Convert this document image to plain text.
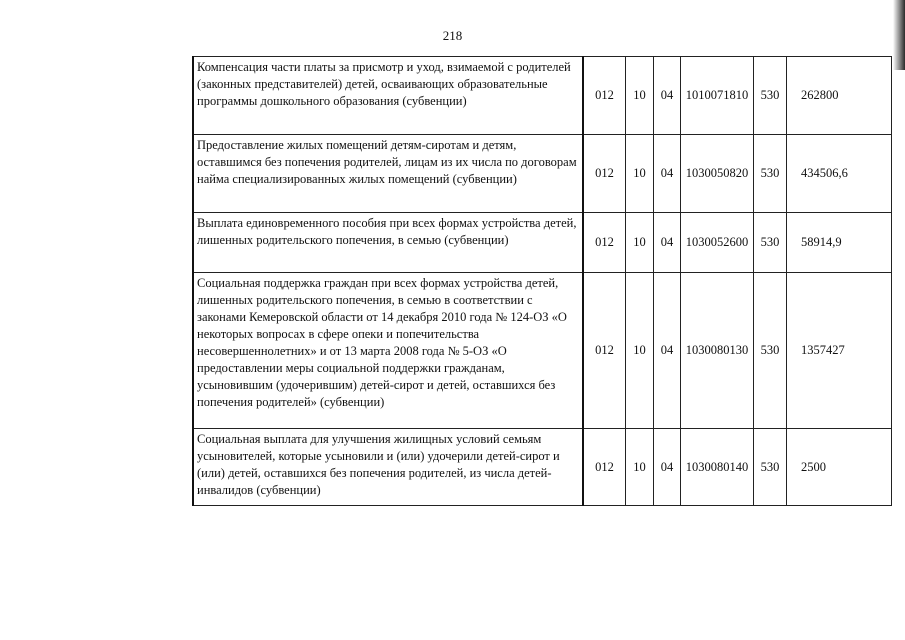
218
Компенсация части платы за присмотр и уход, взимаемой с родителей (законных представителей) детей, осваивающих образовательные программы дошкольного образования (субвенции)	012	10	04	1010071810	530	262800
Предоставление жилых помещений детям-сиротам и детям, оставшимся без попечения родителей, лицам из их числа по договорам найма специализированных жилых помещений (субвенции)	012	10	04	1030050820	530	434506,6
Выплата единовременного пособия при всех формах устройства детей, лишенных родительского попечения, в семью (субвенции)	012	10	04	1030052600	530	58914,9
Социальная поддержка граждан при всех формах устройства детей, лишенных родительского попечения, в семью в соответствии с законами Кемеровской области от 14 декабря 2010 года № 124-ОЗ «О некоторых вопросах в сфере опеки и попечительства несовершеннолетних» и от 13 марта 2008 года № 5-ОЗ «О предоставлении меры социальной поддержки гражданам, усыновившим (удочерившим) детей-сирот и детей, оставшихся без попечения родителей» (субвенции)	012	10	04	1030080130	530	1357427
Социальная выплата для улучшения жилищных условий семьям усыновителей, которые усыновили и (или) удочерили детей-сирот и (или) детей, оставшихся без попечения родителей, из числа детей-инвалидов (субвенции)	012	10	04	1030080140	530	2500
